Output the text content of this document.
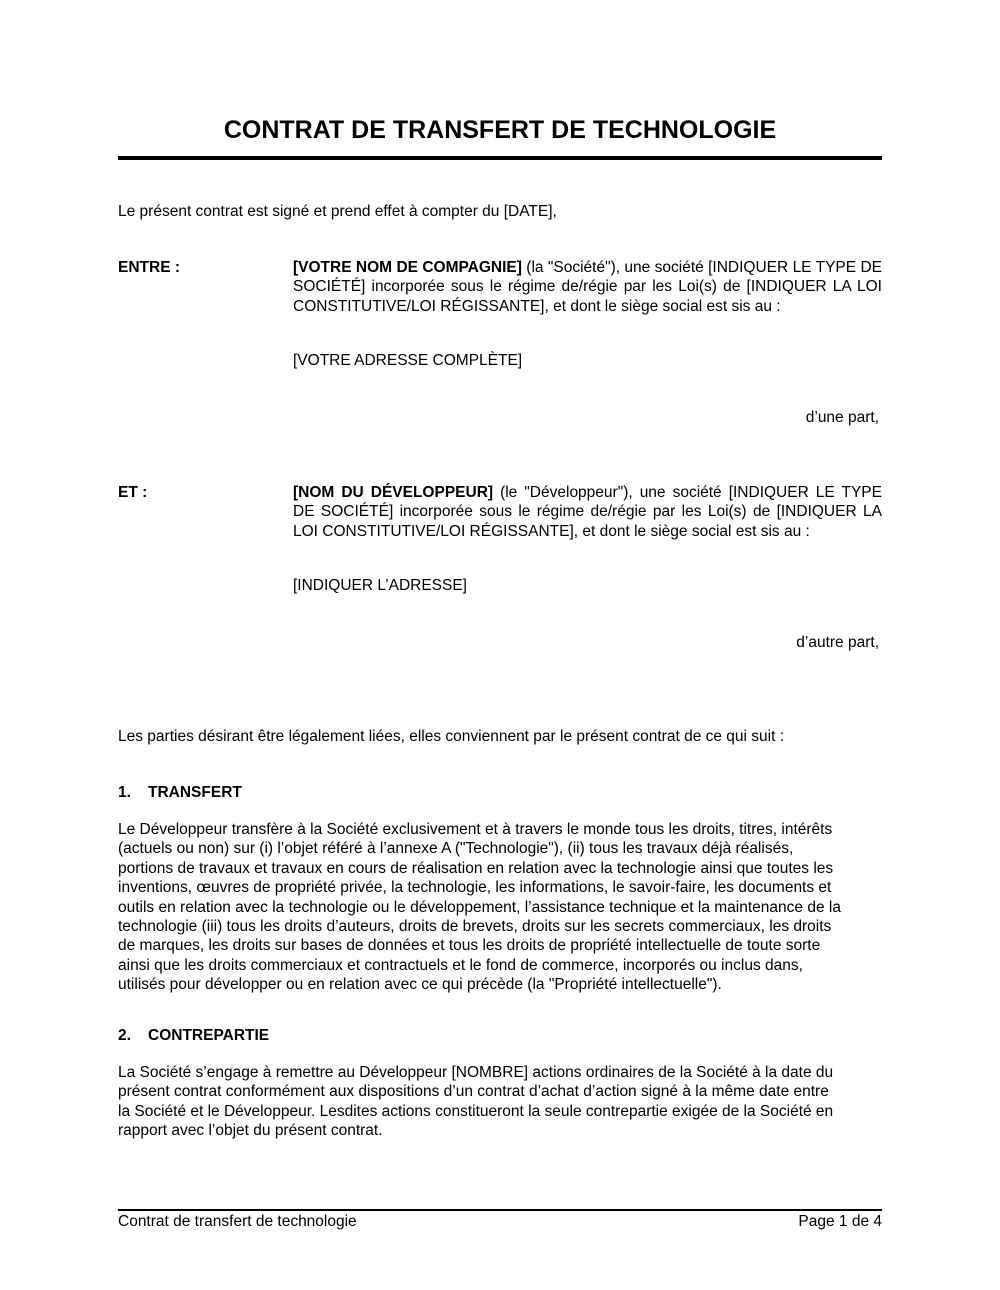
CONTRAT DE TRANSFERT DE TECHNOLOGIE
Le présent contrat est signé et prend effet à compter du [DATE],
ENTRE :	[VOTRE NOM DE COMPAGNIE] (la "Société"), une société [INDIQUER LE TYPE DE SOCIÉTÉ] incorporée sous le régime de/régie par les Loi(s) de [INDIQUER LA LOI CONSTITUTIVE/LOI RÉGISSANTE], et dont le siège social est sis au :
[VOTRE ADRESSE COMPLÈTE]
d’une part,
ET :	[NOM DU DÉVELOPPEUR] (le "Développeur"), une société [INDIQUER LE TYPE DE SOCIÉTÉ] incorporée sous le régime de/régie par les Loi(s) de [INDIQUER LA LOI CONSTITUTIVE/LOI RÉGISSANTE], et dont le siège social est sis au :
[INDIQUER L’ADRESSE]
d’autre part,
Les parties désirant être légalement liées, elles conviennent par le présent contrat de ce qui suit :
1. TRANSFERT
Le Développeur transfère à la Société exclusivement et à travers le monde tous les droits, titres, intérêts
(actuels ou non) sur (i) l’objet référé à l’annexe A ("Technologie"), (ii) tous les travaux déjà réalisés,
portions de travaux et travaux en cours de réalisation en relation avec la technologie ainsi que toutes les
inventions, œuvres de propriété privée, la technologie, les informations, le savoir-faire, les documents et
outils en relation avec la technologie ou le développement, l’assistance technique et la maintenance de la
technologie (iii) tous les droits d’auteurs, droits de brevets, droits sur les secrets commerciaux, les droits
de marques, les droits sur bases de données et tous les droits de propriété intellectuelle de toute sorte
ainsi que les droits commerciaux et contractuels et le fond de commerce, incorporés ou inclus dans,
utilisés pour développer ou en relation avec ce qui précède (la "Propriété intellectuelle").
2. CONTREPARTIE
La Société s’engage à remettre au Développeur [NOMBRE] actions ordinaires de la Société à la date du
présent contrat conformément aux dispositions d’un contrat d’achat d’action signé à la même date entre
la Société et le Développeur. Lesdites actions constitueront la seule contrepartie exigée de la Société en
rapport avec l’objet du présent contrat.
Contrat de transfert de technologie	Page 1 de 4
